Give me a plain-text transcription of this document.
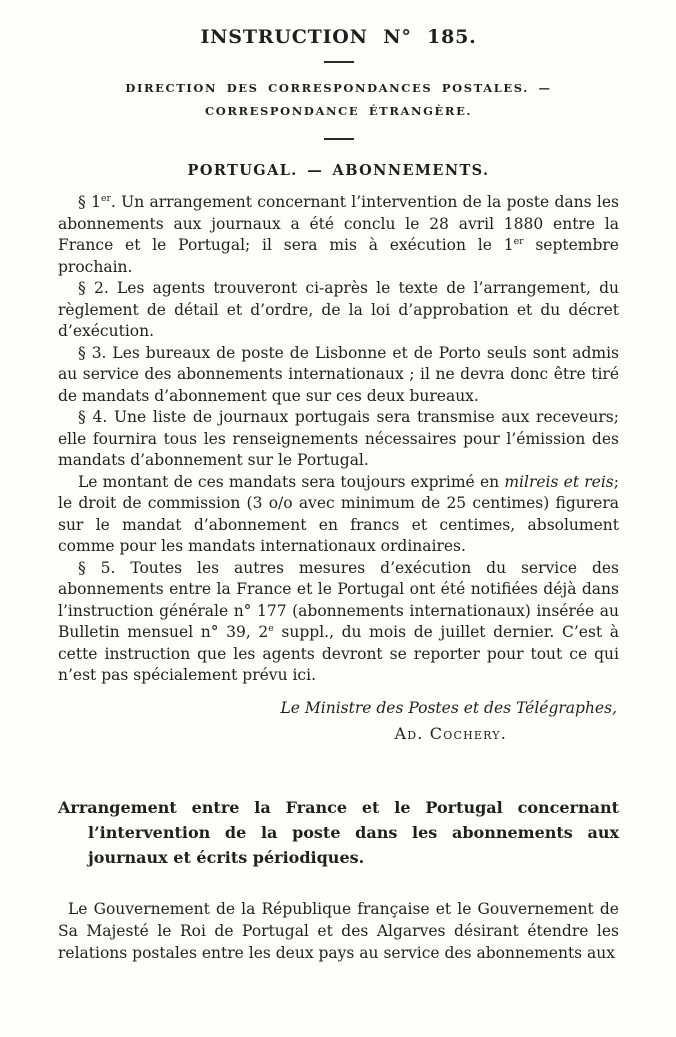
INSTRUCTION N° 185.
DIRECTION DES CORRESPONDANCES POSTALES. —
CORRESPONDANCE ÉTRANGÈRE.
PORTUGAL. — ABONNEMENTS.

§ 1er. Un arrangement concernant l’intervention de la poste dans les abonnements aux journaux a été conclu le 28 avril 1880 entre la France et le Portugal; il sera mis à exécution le 1er septembre prochain.

§ 2. Les agents trouveront ci-après le texte de l’arrangement, du règlement de détail et d’ordre, de la loi d’approbation et du décret d’exécution.

§ 3. Les bureaux de poste de Lisbonne et de Porto seuls sont admis au service des abonnements internationaux ; il ne devra donc être tiré de mandats d’abonnement que sur ces deux bureaux.

§ 4. Une liste de journaux portugais sera transmise aux receveurs; elle fournira tous les renseignements nécessaires pour l’émission des mandats d’abonnement sur le Portugal.

Le montant de ces mandats sera toujours exprimé en milreis et reis; le droit de commission (3 o/o avec minimum de 25 centimes) figurera sur le mandat d’abonnement en francs et centimes, absolument comme pour les mandats internationaux ordinaires.

§ 5. Toutes les autres mesures d’exécution du service des abonnements entre la France et le Portugal ont été notifiées déjà dans l’instruction générale n° 177 (abonnements internationaux) insérée au Bulletin mensuel n° 39, 2e suppl., du mois de juillet dernier. C’est à cette instruction que les agents devront se reporter pour tout ce qui n’est pas spécialement prévu ici.

Le Ministre des Postes et des Télégraphes,
Ad. Cochery.
Arrangement entre la France et le Portugal concernant l’intervention de la poste dans les abonnements aux journaux et écrits périodiques.

Le Gouvernement de la République française et le Gouvernement de Sa Majesté le Roi de Portugal et des Algarves désirant étendre les relations postales entre les deux pays au service des abonnements aux
